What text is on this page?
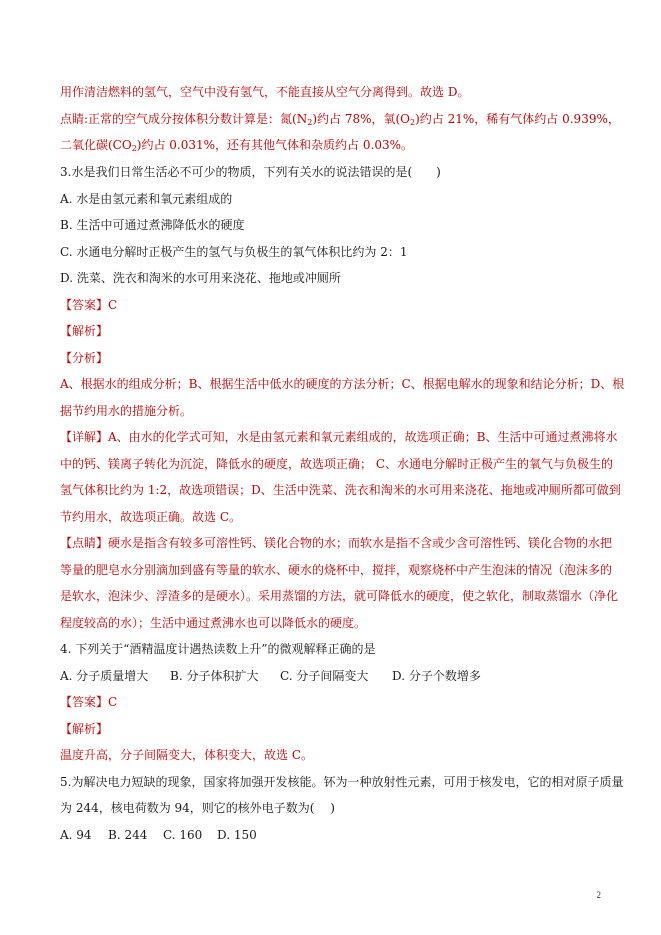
用作清洁燃料的氢气，空气中没有氢气，不能直接从空气分离得到。故选 D。
点睛:正常的空气成分按体积分数计算是：氮$(N_2)$约占 78%，氧$(O_2)$约占 21%，稀有气体约占 0.939%，
二氧化碳$(CO_2)$约占 0.031%，还有其他气体和杂质约占 0.03%。
3.水是我们日常生活必不可少的物质，下列有关水的说法错误的是(　　)
A. 水是由氢元素和氧元素组成的
B. 生活中可通过煮沸降低水的硬度
C. 水通电分解时正极产生的氢气与负极生的氧气体积比约为 2：1
D. 洗菜、洗衣和淘米的水可用来浇花、拖地或冲厕所
【答案】C
【解析】
【分析】
A、根据水的组成分析；B、根据生活中低水的硬度的方法分析；C、根据电解水的现象和结论分析；D、根
据节约用水的措施分析。
【详解】A、由水的化学式可知，水是由氢元素和氧元素组成的，故选项正确；B、生活中可通过煮沸将水
中的钙、镁离子转化为沉淀，降低水的硬度，故选项正确； C、水通电分解时正极产生的氧气与负极生的
氢气体积比约为 1:2，故选项错误；D、生活中洗菜、洗衣和淘米的水可用来浇花、拖地或冲厕所都可做到
节约用水，故选项正确。故选 C。
【点睛】硬水是指含有较多可溶性钙、镁化合物的水；而软水是指不含或少含可溶性钙、镁化合物的水把
等量的肥皂水分别滴加到盛有等量的软水、硬水的烧杯中，搅拌，观察烧杯中产生泡沫的情况（泡沫多的
是软水，泡沫少、浮渣多的是硬水）。采用蒸馏的方法，就可降低水的硬度，使之软化，制取蒸馏水（净化
程度较高的水）；生活中通过煮沸水也可以降低水的硬度。
4. 下列关于“酒精温度计遇热读数上升”的微观解释正确的是
A. 分子质量增大 B. 分子体积扩大 C. 分子间隔变大 D. 分子个数增多
【答案】C
【解析】
温度升高，分子间隔变大，体积变大，故选 C。
5.为解决电力短缺的现象，国家将加强开发核能。钚为一种放射性元素，可用于核发电，它的相对原子质量
为 244，核电荷数为 94，则它的核外电子数为(　 )
A. 94 B. 244 C. 160 D. 150
2
